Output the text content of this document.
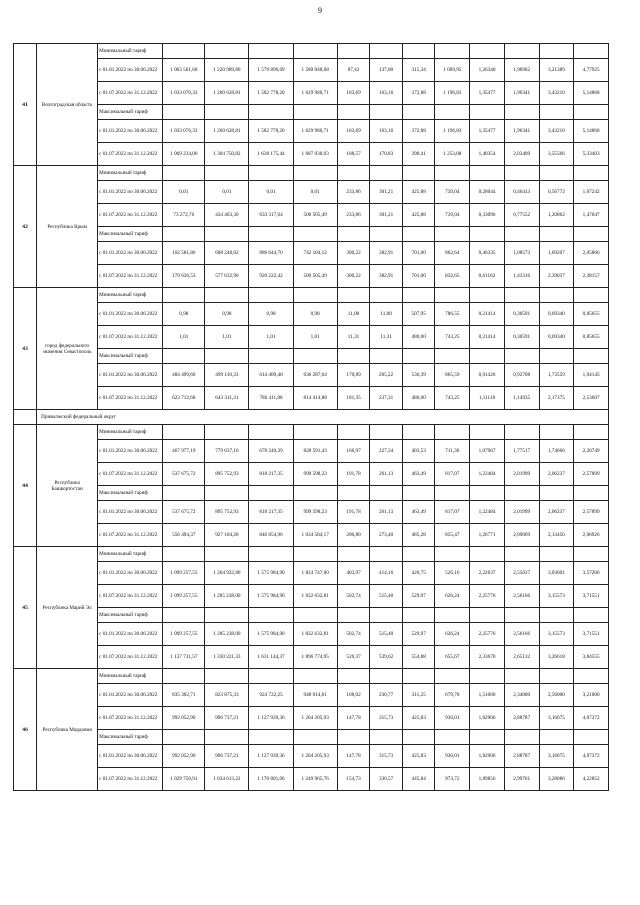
9
41	Волгоградская область	Минимальный тариф												
		с 01.01.2022 по 30.06.2022	1 003 561,68	1 220 989,80	1 579 896,09	1 580 048,68	87,42	137,80	315,34	1 009,95	1,26340	1,90902	3,21389	4,77925
		с 01.07.2022 по 31.12.2022	1 033 076,33	1 260 628,81	1 582 778,20	1 629 980,71	103,69	163,16	372,88	1 196,83	1,35477	1,96341	3,43210	5,14868
		Максимальный тариф												
		с 01.01.2022 по 30.06.2022	1 033 076,33	1 260 628,81	1 582 778,20	1 629 980,71	103,69	163,16	372,88	1 196,83	1,35477	1,96341	3,43210	5,14868
		с 01.07.2022 по 31.12.2022	1 069 234,00	1 304 750,82	1 638 175,44	1 687 030,03	108,57	170,83	390,41	1 253,08	1,40354	2,03409	3,55566	5,33403
42	Республика Крым	Минимальный тариф												
		с 01.01.2022 по 30.06.2022	0,01	0,01	0,01	0,01	233,86	301,21	425,88	739,04	0,28044	0,46413	0,56772	1,07242
		с 01.07.2022 по 31.12.2022	73 272,76	434 463,30	633 317,64	500 505,49	233,86	301,21	425,88	739,04	0,33096	0,77552	1,20862	1,47047
		Максимальный тариф												
		с 01.01.2022 по 30.06.2022	102 581,86	608 248,62	886 644,70	742 104,12	300,22	382,91	701,00	862,64	0,46335	1,08573	1,69207	2,05866
		с 01.07.2022 по 31.12.2022	179 636,53	577 632,96	920 222,42	500 505,49	300,22	382,91	701,00	832,65	0,61162	1,43316	2,39037	2,38157
43	город федерального значения Севастополь	Минимальный тариф												
		с 01.01.2022 по 30.06.2022	0,98	0,98	0,98	0,98	11,00	11,00	507,95	786,55	0,21414	0,30591	0,69340	0,85655
		с 01.07.2022 по 31.12.2022	1,01	1,01	1,01	1,01	11,31	11,31	480,00	743,25	0,21414	0,30591	0,69340	0,85655
		Максимальный тариф												
		с 01.01.2022 по 30.06.2022	484 499,60	499 110,33	614 409,40	636 287,64	170,89	205,22	536,39	865,59	0,91426	0,92708	1,73559	1,94145
		с 01.07.2022 по 31.12.2022	623 712,68	643 311,31	786 411,88	814 414,88	181,35	237,21	480,00	743,25	1,11118	1,14935	2,17375	2,53607
	Приволжский федеральный округ													
44	Республика Башкортостан	Минимальный тариф												
		с 01.01.2022 по 30.06.2022	467 977,19	779 637,10	678 240,39	828 591,43	166,97	227,34	403,53	711,36	1,07967	1,77517	1,74666	2,20749
		с 01.07.2022 по 31.12.2022	537 675,72	895 752,93	818 217,35	999 598,23	191,78	261,13	463,49	817,07	1,22484	2,01999	2,06237	2,57899
		Максимальный тариф												
		с 01.01.2022 по 30.06.2022	537 675,72	895 752,93	818 217,35	999 598,23	191,78	261,13	463,49	817,07	1,22484	2,01999	2,06237	2,57899
		с 01.07.2022 по 31.12.2022	556 494,37	927 104,28	846 854,96	1 034 584,17	200,80	273,40	485,28	855,47	1,26771	2,09069	2,13456	2,66926
45	Республика Марий Эл	Минимальный тариф												
		с 01.01.2022 по 30.06.2022	1 099 257,55	1 264 922,80	1 575 984,90	1 824 747,00	403,97	414,16	426,75	526,16	2,22637	2,55637	3,03601	3,57206
		с 01.07.2022 по 31.12.2022	1 099 257,55	1 285 238,00	1 575 984,90	1 832 632,81	502,74	515,40	529,97	626,24	2,25776	2,56166	3,15573	3,71551
		Максимальный тариф												
		с 01.01.2022 по 30.06.2022	1 099 257,55	1 285 238,00	1 575 984,90	1 832 632,81	502,74	515,40	529,97	626,24	2,25776	2,56166	3,15573	3,71551
		с 01.07.2022 по 31.12.2022	1 137 731,57	1 330 221,33	1 631 144,37	1 896 774,95	526,37	539,62	554,88	655,67	2,33678	2,65132	3,26618	3,84555
46	Республика Мордовия	Минимальный тариф												
		с 01.01.2022 по 30.06.2022	835 302,71	823 875,33	924 722,25	948 014,61	108,02	230,77	311,25	679,78	1,51000	2,34000	2,56000	3,21000
		с 01.07.2022 по 31.12.2022	992 052,90	996 737,21	1 127 939,36	1 204 205,93	147,78	315,73	425,83	930,01	1,82906	2,88787	3,16075	4,07372
		Максимальный тариф												
		с 01.01.2022 по 30.06.2022	992 052,90	996 737,21	1 127 939,36	1 204 205,93	147,78	315,73	425,83	930,01	1,82906	2,88787	3,16075	4,07372
		с 01.07.2022 по 31.12.2022	1 029 750,91	1 034 613,22	1 170 801,06	1 249 965,76	154,73	330,57	445,84	973,72	1,89856	2,99761	3,28086	4,22852
